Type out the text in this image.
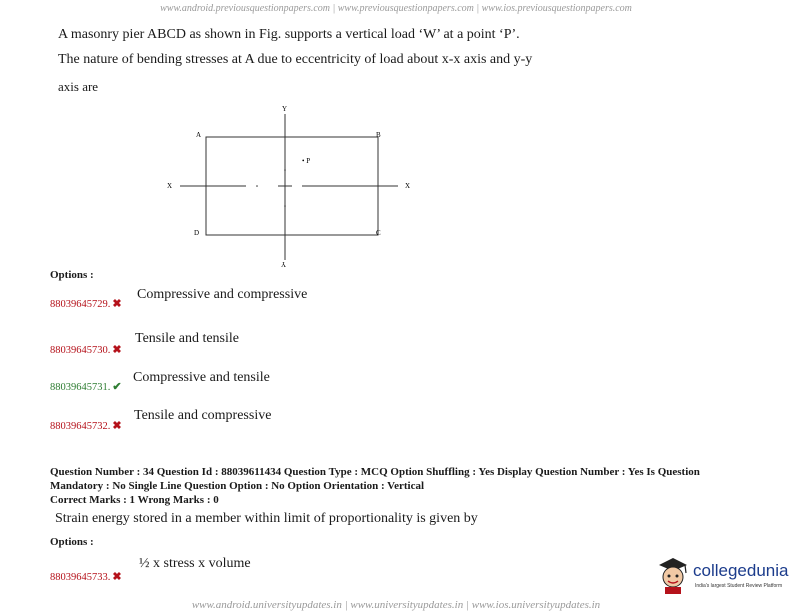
www.android.previousquestionpapers.com | www.previousquestionpapers.com | www.ios.previousquestionpapers.com
A masonry pier ABCD as shown in Fig. supports a vertical load ‘W’ at a point ‘P’.
The nature of bending stresses at A due to eccentricity of load about x-x axis and y-y
axis are
A	B
C
D
• P
X	X
Y
Y
Options :
88039645729. ✖
Compressive and compressive
88039645730. ✖
Tensile and tensile
88039645731. ✔
Compressive and tensile
88039645732. ✖
Tensile and compressive
Question Number : 34 Question Id : 88039611434 Question Type : MCQ Option Shuffling : Yes Display Question Number : Yes Is Question
Mandatory : No Single Line Question Option : No Option Orientation : Vertical
Correct Marks : 1 Wrong Marks : 0
Strain energy stored in a member within limit of proportionality is given by
Options :
88039645733. ✖
½ x stress x volume	collegedunia
India's largest Student Review Platform
www.android.universityupdates.in | www.universityupdates.in | www.ios.universityupdates.in
